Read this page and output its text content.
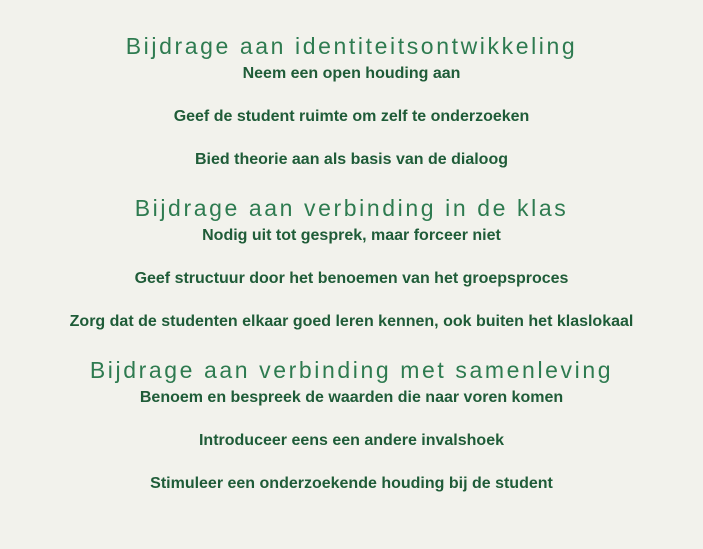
Bijdrage aan identiteitsontwikkeling

Neem een open houding aan

Geef de student ruimte om zelf te onderzoeken

Bied theorie aan als basis van de dialoog

Bijdrage aan verbinding in de klas

Nodig uit tot gesprek, maar forceer niet

Geef structuur door het benoemen van het groepsproces

Zorg dat de studenten elkaar goed leren kennen, ook buiten het klaslokaal

Bijdrage aan verbinding met samenleving

Benoem en bespreek de waarden die naar voren komen

Introduceer eens een andere invalshoek

Stimuleer een onderzoekende houding bij de student
